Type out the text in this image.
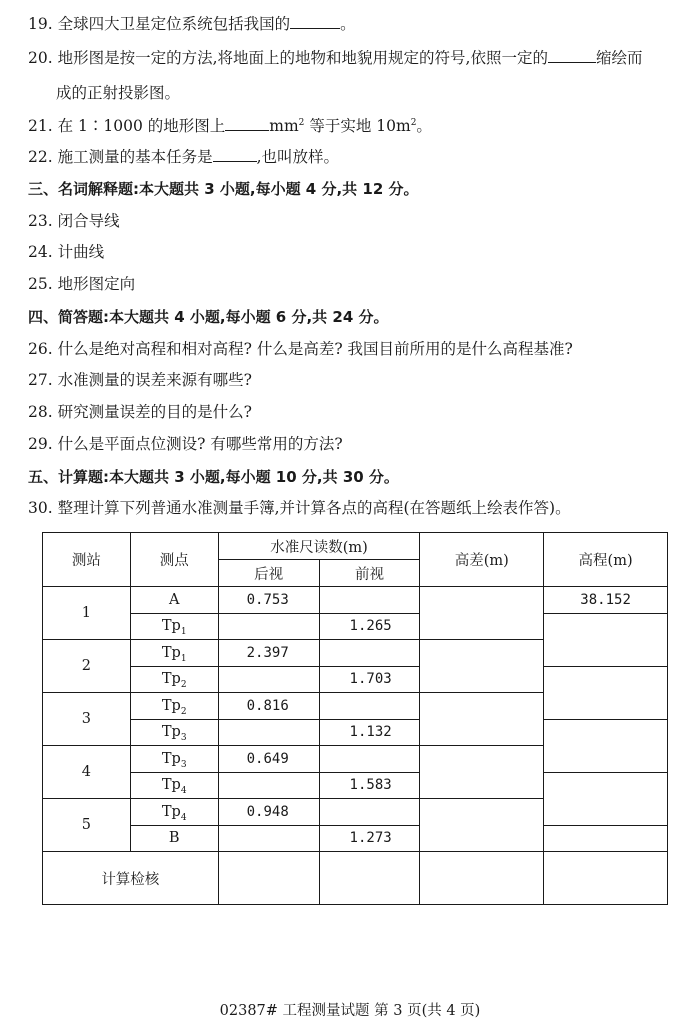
19. 全球四大卫星定位系统包括我国的	。
20. 地形图是按一定的方法,将地面上的地物和地貌用规定的符号,依照一定的	缩绘而
成的正射投影图。
21. 在 1∶1000 的地形图上	$mm^2$ 等于实地 $10m^2$。
22. 施工测量的基本任务是	,也叫放样。
三、名词解释题:本大题共 3 小题,每小题 4 分,共 12 分。
23. 闭合导线
24. 计曲线
25. 地形图定向
四、简答题:本大题共 4 小题,每小题 6 分,共 24 分。
26. 什么是绝对高程和相对高程? 什么是高差? 我国目前所用的是什么高程基准?
27. 水准测量的误差来源有哪些?
28. 研究测量误差的目的是什么?
29. 什么是平面点位测设? 有哪些常用的方法?
五、计算题:本大题共 3 小题,每小题 10 分,共 30 分。
30. 整理计算下列普通水准测量手簿,并计算各点的高程(在答题纸上绘表作答)。
测站	测点	水准尺读数(m)		高差(m)	高程(m)
		后视	前视		
1	A	0.753			38.152
	$Tp_1$		1.265		
2	$Tp_1$	2.397			
	$Tp_2$		1.703		
3	$Tp_2$	0.816			
	$Tp_3$		1.132		
4	$Tp_3$	0.649			
	$Tp_4$		1.583		
5	$Tp_4$	0.948			
	B		1.273		
计算检核					
02387# 工程测量试题 第 3 页(共 4 页)
